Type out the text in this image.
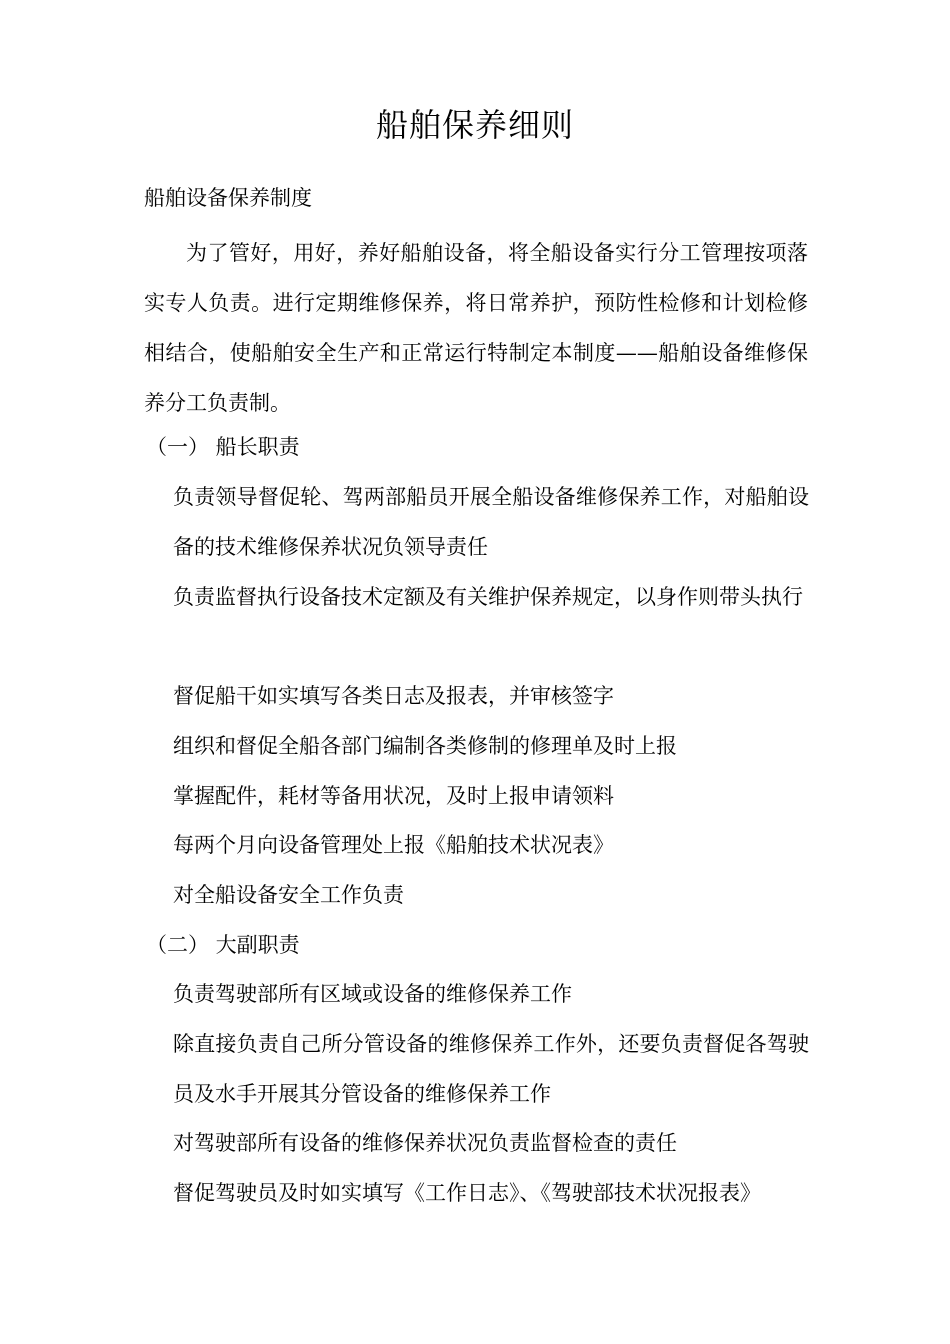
船舶保养细则
船舶设备保养制度

为了管好，用好，养好船舶设备，将全船设备实行分工管理按项落实专人负责。进行定期维修保养，将日常养护，预防性检修和计划检修相结合，使船舶安全生产和正常运行特制定本制度——船舶设备维修保养分工负责制。

（一） 船长职责

负责领导督促轮、驾两部船员开展全船设备维修保养工作，对船舶设备的技术维修保养状况负领导责任

负责监督执行设备技术定额及有关维护保养规定，以身作则带头执行

督促船干如实填写各类日志及报表，并审核签字

组织和督促全船各部门编制各类修制的修理单及时上报

掌握配件，耗材等备用状况，及时上报申请领料

每两个月向设备管理处上报《船舶技术状况表》

对全船设备安全工作负责

（二） 大副职责

负责驾驶部所有区域或设备的维修保养工作

除直接负责自己所分管设备的维修保养工作外，还要负责督促各驾驶员及水手开展其分管设备的维修保养工作

对驾驶部所有设备的维修保养状况负责监督检查的责任

督促驾驶员及时如实填写《工作日志》、《驾驶部技术状况报表》
